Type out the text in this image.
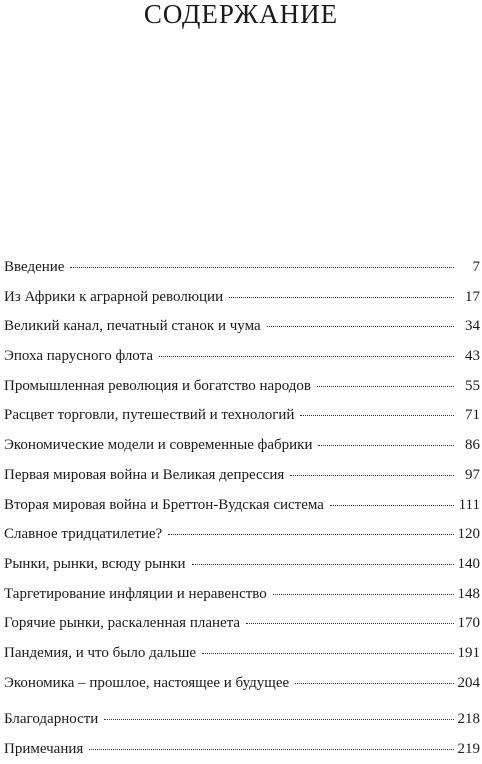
СОДЕРЖАНИЕ
Введение	7
Из Африки к аграрной революции	17
Великий канал, печатный станок и чума	34
Эпоха парусного флота	43
Промышленная революция и богатство народов	55
Расцвет торговли, путешествий и технологий	71
Экономические модели и современные фабрики	86
Первая мировая война и Великая депрессия	97
Вторая мировая война и Бреттон-Вудская система	111
Славное тридцатилетие?	120
Рынки, рынки, всюду рынки	140
Таргетирование инфляции и неравенство	148
Горячие рынки, раскаленная планета	170
Пандемия, и что было дальше	191
Экономика – прошлое, настоящее и будущее	204
Благодарности	218
Примечания	219
